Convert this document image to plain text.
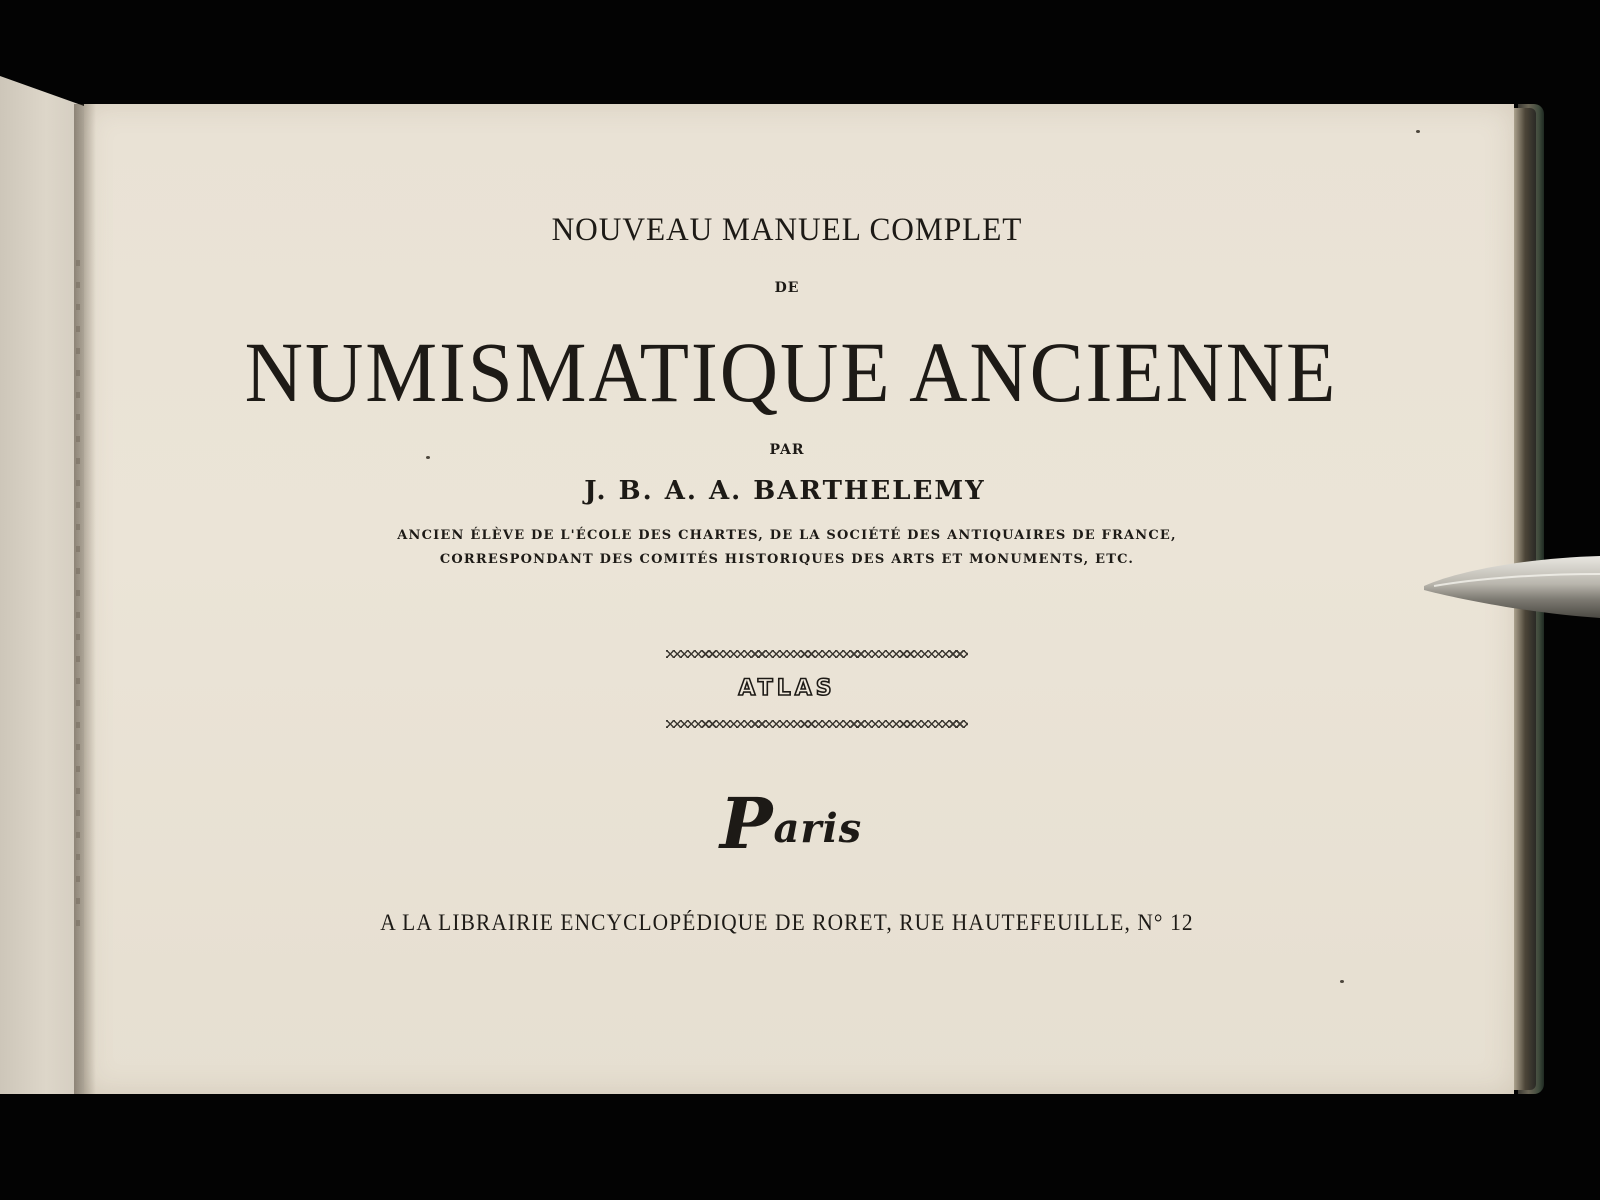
NOUVEAU MANUEL COMPLET
DE
NUMISMATIQUE ANCIENNE
PAR
J. B. A. A. BARTHELEMY
ANCIEN ÉLÈVE DE L'ÉCOLE DES CHARTES, DE LA SOCIÉTÉ DES ANTIQUAIRES DE FRANCE,
CORRESPONDANT DES COMITÉS HISTORIQUES DES ARTS ET MONUMENTS, ETC.
ATLAS
Paris
A LA LIBRAIRIE ENCYCLOPÉDIQUE DE RORET, RUE HAUTEFEUILLE, N° 12
